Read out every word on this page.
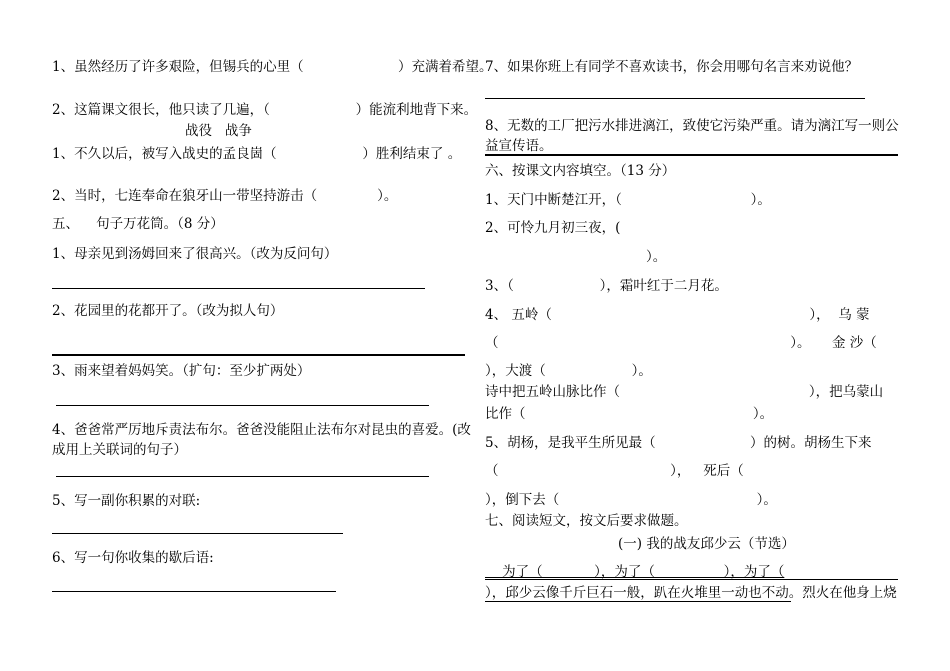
1、虽然经历了许多艰险，但锡兵的心里（                      ）充满着希望。
2、这篇课文很长，他只读了几遍，（                    ）能流利地背下来。
战役   战争
1、不久以后，被写入战史的孟良崮（                    ）胜利结束了 。
2、当时，七连奉命在狼牙山一带坚持游击（              ）。
五、    句子万花筒。（8 分）
1、母亲见到汤姆回来了很高兴。（改为反问句）
2、花园里的花都开了。（改为拟人句）
3、雨来望着妈妈笑。（扩句：至少扩两处）
4、爸爸常严厉地斥责法布尔。爸爸没能阻止法布尔对昆虫的喜爱。(改
成用上关联词的句子）
5、写一副你积累的对联:
6、写一句你收集的歇后语:
7、如果你班上有同学不喜欢读书，你会用哪句名言来劝说他？
8、无数的工厂把污水排进漓江，致使它污染严重。请为漓江写一则公
益宣传语。
六、按课文内容填空。（13 分）
1、天门中断楚江开，（                              ）。
2、可怜九月初三夜，(
）。
3、（                    ），霜叶红于二月花。
4、 五岭（                                                            ），  乌 蒙
（                                                                    ）。     金 沙（
），大渡（                    ）。
诗中把五岭山脉比作（                                            ），把乌蒙山
比作（                                                     ）。
5、胡杨，是我平生所见最（                      ）的树。胡杨生下来
（                                        ），   死后（
），倒下去（                                              ）。
七、阅读短文，按文后要求做题。
(一) 我的战友邱少云（节选）
为了（            ），为了（                ），为了（
），邱少云像千斤巨石一般，趴在火堆里一动也不动。烈火在他身上烧
